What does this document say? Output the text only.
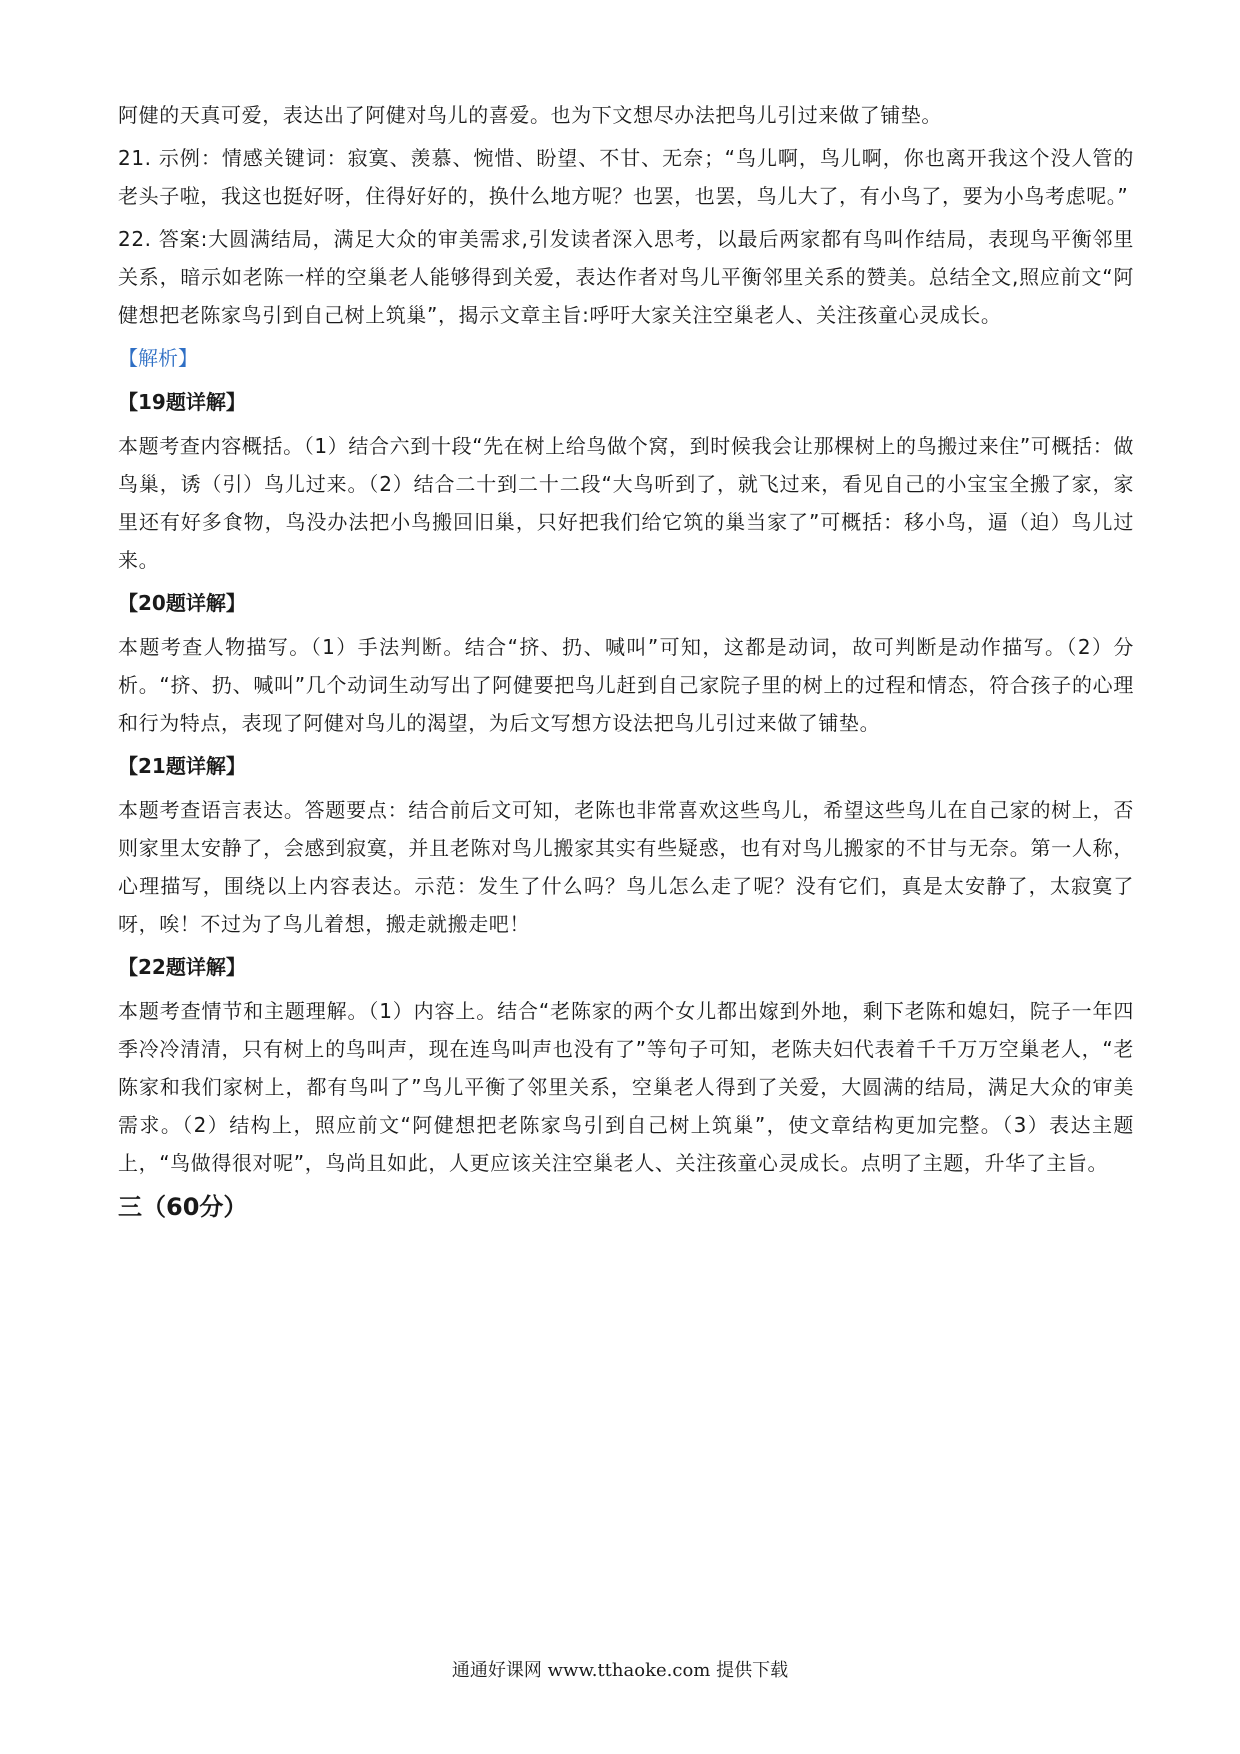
阿健的天真可爱，表达出了阿健对鸟儿的喜爱。也为下文想尽办法把鸟儿引过来做了铺垫。

21. 示例：情感关键词：寂寞、羡慕、惋惜、盼望、不甘、无奈；“鸟儿啊，鸟儿啊，你也离开我这个没人管的老头子啦，我这也挺好呀，住得好好的，换什么地方呢？也罢，也罢，鸟儿大了，有小鸟了，要为小鸟考虑呢。”

22. 答案:大圆满结局，满足大众的审美需求,引发读者深入思考，以最后两家都有鸟叫作结局，表现鸟平衡邻里关系，暗示如老陈一样的空巢老人能够得到关爱，表达作者对鸟儿平衡邻里关系的赞美。总结全文,照应前文“阿健想把老陈家鸟引到自己树上筑巢”，揭示文章主旨:呼吁大家关注空巢老人、关注孩童心灵成长。

【解析】

【19题详解】

本题考查内容概括。（1）结合六到十段“先在树上给鸟做个窝，到时候我会让那棵树上的鸟搬过来住”可概括：做鸟巢，诱（引）鸟儿过来。（2）结合二十到二十二段“大鸟听到了，就飞过来，看见自己的小宝宝全搬了家，家里还有好多食物，鸟没办法把小鸟搬回旧巢，只好把我们给它筑的巢当家了”可概括：移小鸟，逼（迫）鸟儿过来。

【20题详解】

本题考查人物描写。（1）手法判断。结合“挤、扔、喊叫”可知，这都是动词，故可判断是动作描写。（2）分析。“挤、扔、喊叫”几个动词生动写出了阿健要把鸟儿赶到自己家院子里的树上的过程和情态，符合孩子的心理和行为特点，表现了阿健对鸟儿的渴望，为后文写想方设法把鸟儿引过来做了铺垫。

【21题详解】

本题考查语言表达。答题要点：结合前后文可知，老陈也非常喜欢这些鸟儿，希望这些鸟儿在自己家的树上，否则家里太安静了，会感到寂寞，并且老陈对鸟儿搬家其实有些疑惑，也有对鸟儿搬家的不甘与无奈。第一人称，心理描写，围绕以上内容表达。示范：发生了什么吗？鸟儿怎么走了呢？没有它们，真是太安静了，太寂寞了呀，唉！不过为了鸟儿着想，搬走就搬走吧！

【22题详解】

本题考查情节和主题理解。（1）内容上。结合“老陈家的两个女儿都出嫁到外地，剩下老陈和媳妇，院子一年四季冷冷清清，只有树上的鸟叫声，现在连鸟叫声也没有了”等句子可知，老陈夫妇代表着千千万万空巢老人，“老陈家和我们家树上，都有鸟叫了”鸟儿平衡了邻里关系，空巢老人得到了关爱，大圆满的结局，满足大众的审美需求。（2）结构上，照应前文“阿健想把老陈家鸟引到自己树上筑巢”，使文章结构更加完整。（3）表达主题上，“鸟做得很对呢”，鸟尚且如此，人更应该关注空巢老人、关注孩童心灵成长。点明了主题，升华了主旨。

三（60分）

通通好课网 www.tthaoke.com 提供下载
